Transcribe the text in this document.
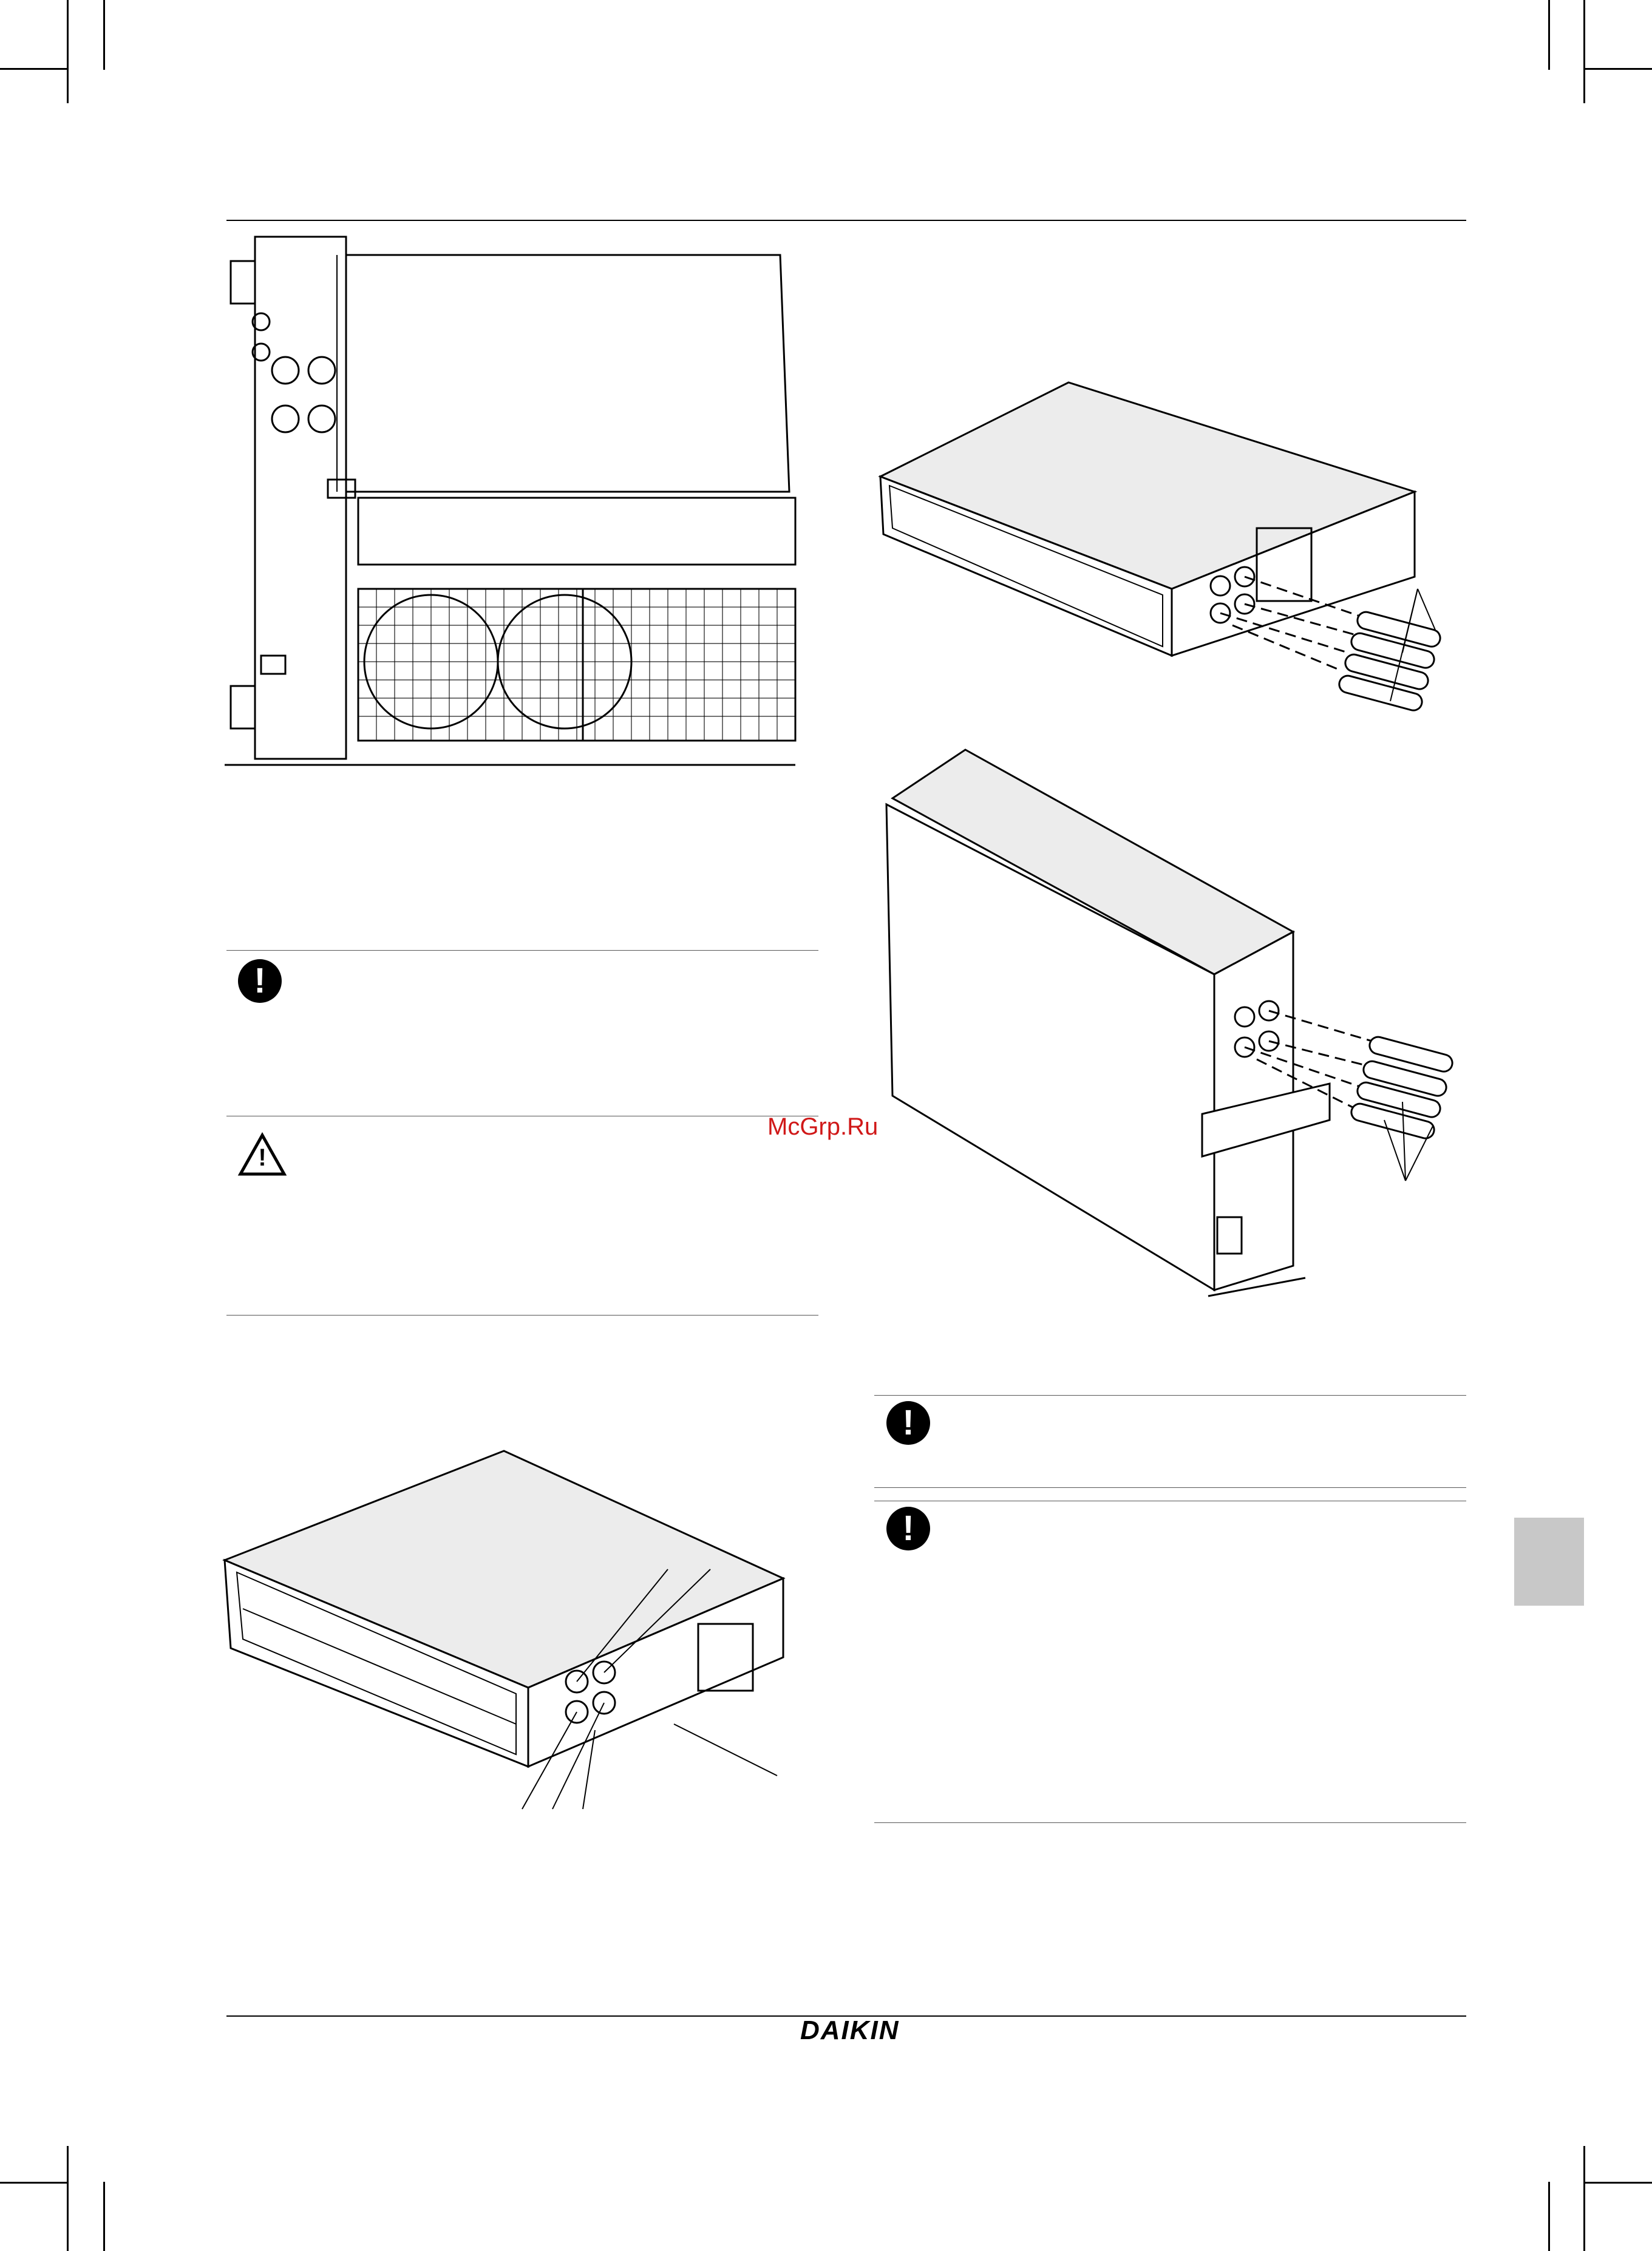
!
!
McGrp.Ru
!
!
DAIKIN
